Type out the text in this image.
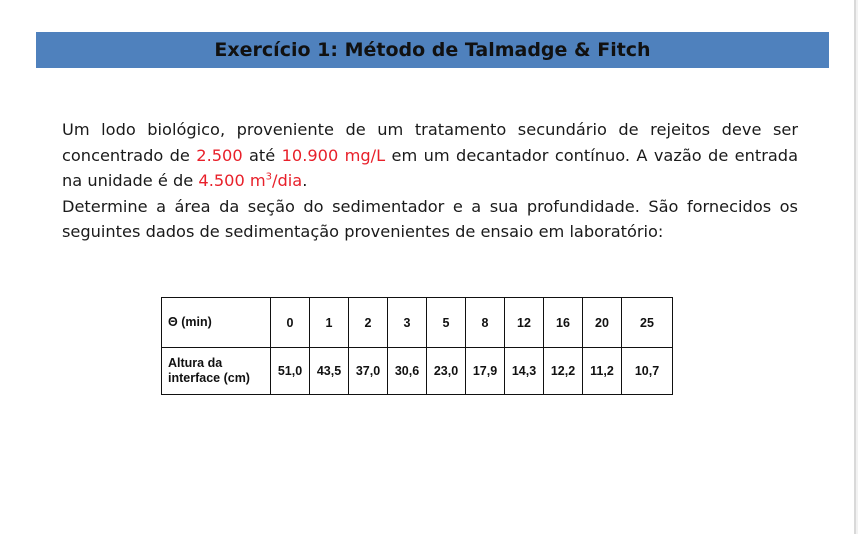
Exercício 1: Método de Talmadge & Fitch

Um lodo biológico, proveniente de um tratamento secundário de rejeitos deve ser concentrado de 2.500 até 10.900 mg/L em um decantador contínuo. A vazão de entrada na unidade é de 4.500 $m^3$/dia.

Determine a área da seção do sedimentador e a sua profundidade. São fornecidos os seguintes dados de sedimentação provenientes de ensaio em laboratório:

Θ (min)	0	1	2	3	5	8	12	16	20	25
Altura da
interface (cm)	51,0	43,5	37,0	30,6	23,0	17,9	14,3	12,2	11,2	10,7
